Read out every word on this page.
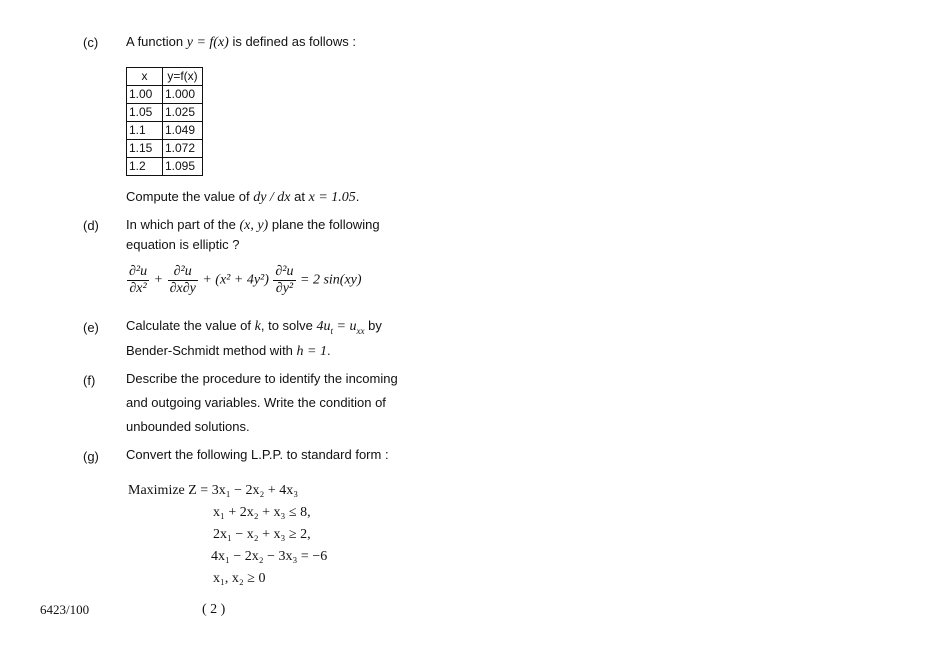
(c) A function y = f(x) is defined as follows :
x	y=f(x)
1.00	1.000
1.05	1.025
1.1	1.049
1.15	1.072
1.2	1.095
Compute the value of dy / dx at x = 1.05.
(d) In which part of the (x, y) plane the following
equation is elliptic ?
$\frac{\text{∂²u}}{\text{∂x²}} + \frac{\text{∂²u}}{\partial x\partial y} + (x^2 + 4y^2) \frac{\text{∂²u}}{\text{∂y²}} = 2$ sin(xy)
(e) Calculate the value of k, to solve $4u_t = u_{xx}$ by
Bender-Schmidt method with h = 1.
(f) Describe the procedure to identify the incoming
and outgoing variables. Write the condition of
unbounded solutions.
(g) Convert the following L.P.P. to standard form :
Maximize Z = 3x₁ − 2x₂ + 4x₃
x₁ + 2x₂ + x₃ ≤ 8,
2x₁ − x₂ + x₃ ≥ 2,
4x₁ − 2x₂ − 3x₃ = −6
x₁, x₂ ≥ 0
6423/100	( 2 )
